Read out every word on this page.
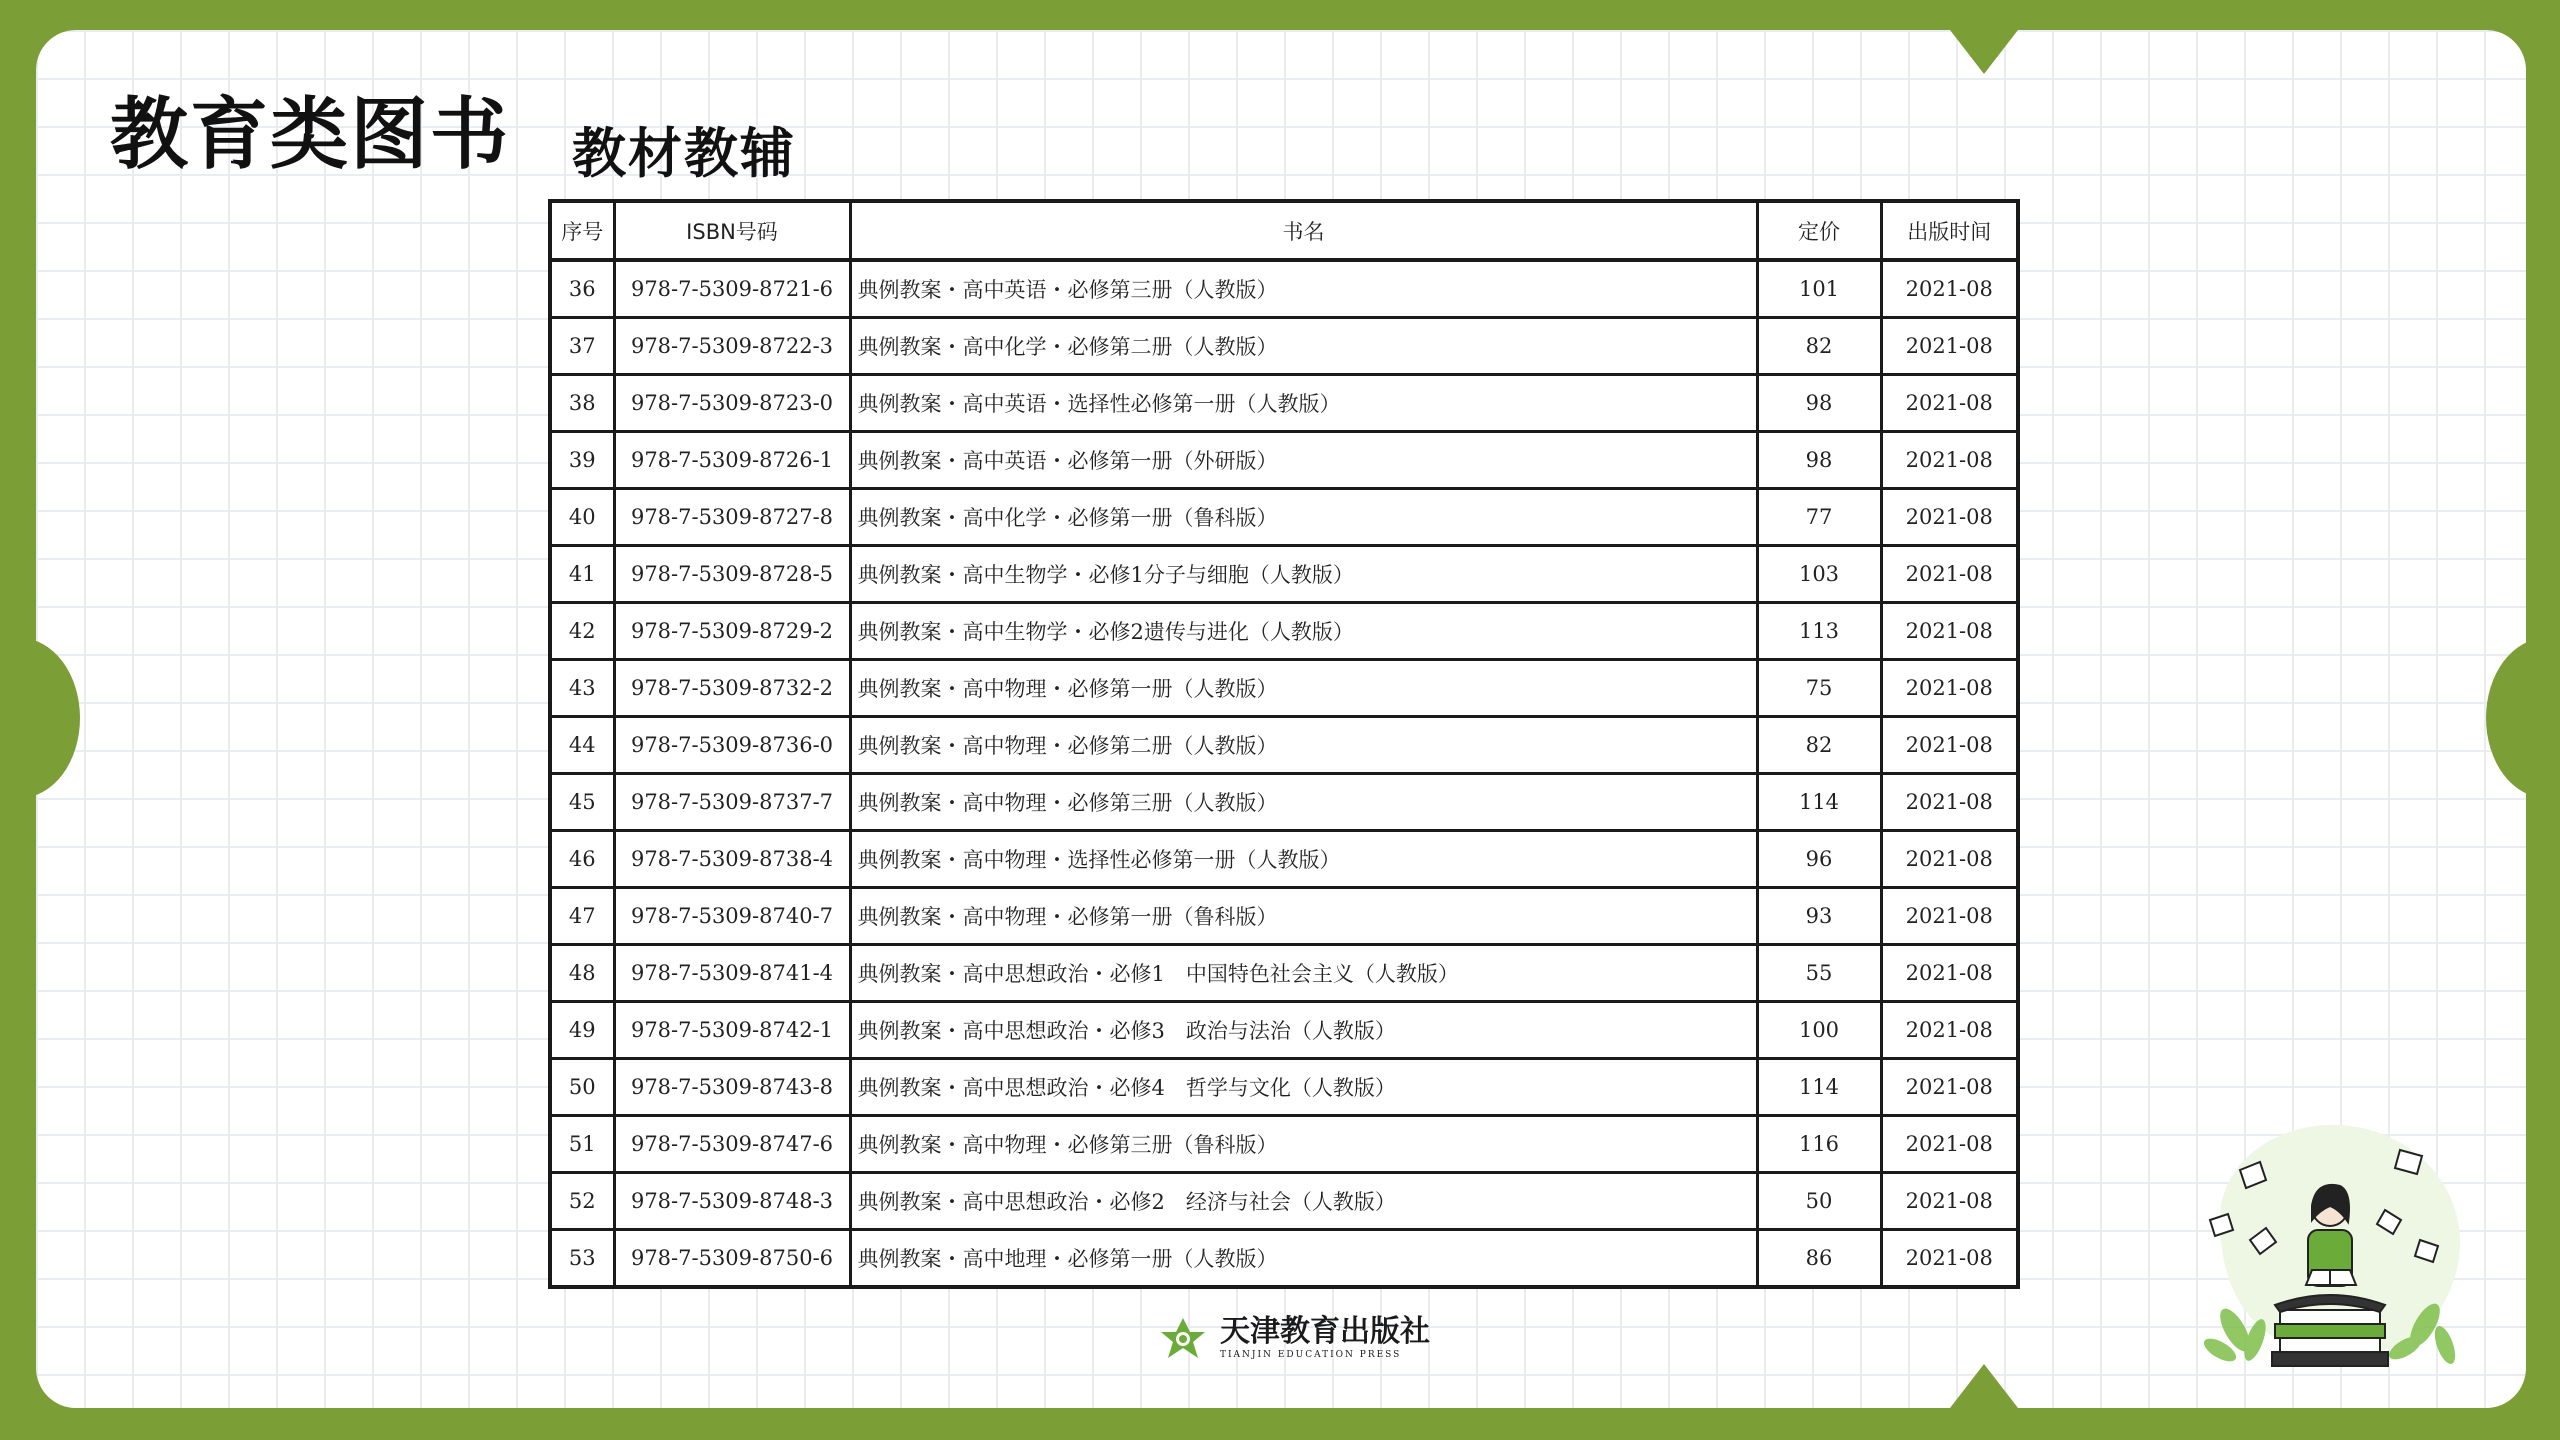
教育类图书 教材教辅
序号	ISBN号码	书名	定价	出版时间
36	978-7-5309-8721-6	典例教案・高中英语・必修第三册（人教版）	101	2021-08
37	978-7-5309-8722-3	典例教案・高中化学・必修第二册（人教版）	82	2021-08
38	978-7-5309-8723-0	典例教案・高中英语・选择性必修第一册（人教版）	98	2021-08
39	978-7-5309-8726-1	典例教案・高中英语・必修第一册（外研版）	98	2021-08
40	978-7-5309-8727-8	典例教案・高中化学・必修第一册（鲁科版）	77	2021-08
41	978-7-5309-8728-5	典例教案・高中生物学・必修1分子与细胞（人教版）	103	2021-08
42	978-7-5309-8729-2	典例教案・高中生物学・必修2遗传与进化（人教版）	113	2021-08
43	978-7-5309-8732-2	典例教案・高中物理・必修第一册（人教版）	75	2021-08
44	978-7-5309-8736-0	典例教案・高中物理・必修第二册（人教版）	82	2021-08
45	978-7-5309-8737-7	典例教案・高中物理・必修第三册（人教版）	114	2021-08
46	978-7-5309-8738-4	典例教案・高中物理・选择性必修第一册（人教版）	96	2021-08
47	978-7-5309-8740-7	典例教案・高中物理・必修第一册（鲁科版）	93	2021-08
48	978-7-5309-8741-4	典例教案・高中思想政治・必修1　中国特色社会主义（人教版）	55	2021-08
49	978-7-5309-8742-1	典例教案・高中思想政治・必修3　政治与法治（人教版）	100	2021-08
50	978-7-5309-8743-8	典例教案・高中思想政治・必修4　哲学与文化（人教版）	114	2021-08
51	978-7-5309-8747-6	典例教案・高中物理・必修第三册（鲁科版）	116	2021-08
52	978-7-5309-8748-3	典例教案・高中思想政治・必修2　经济与社会（人教版）	50	2021-08
53	978-7-5309-8750-6	典例教案・高中地理・必修第一册（人教版）	86	2021-08
天津教育出版社
TIANJIN EDUCATION PRESS
